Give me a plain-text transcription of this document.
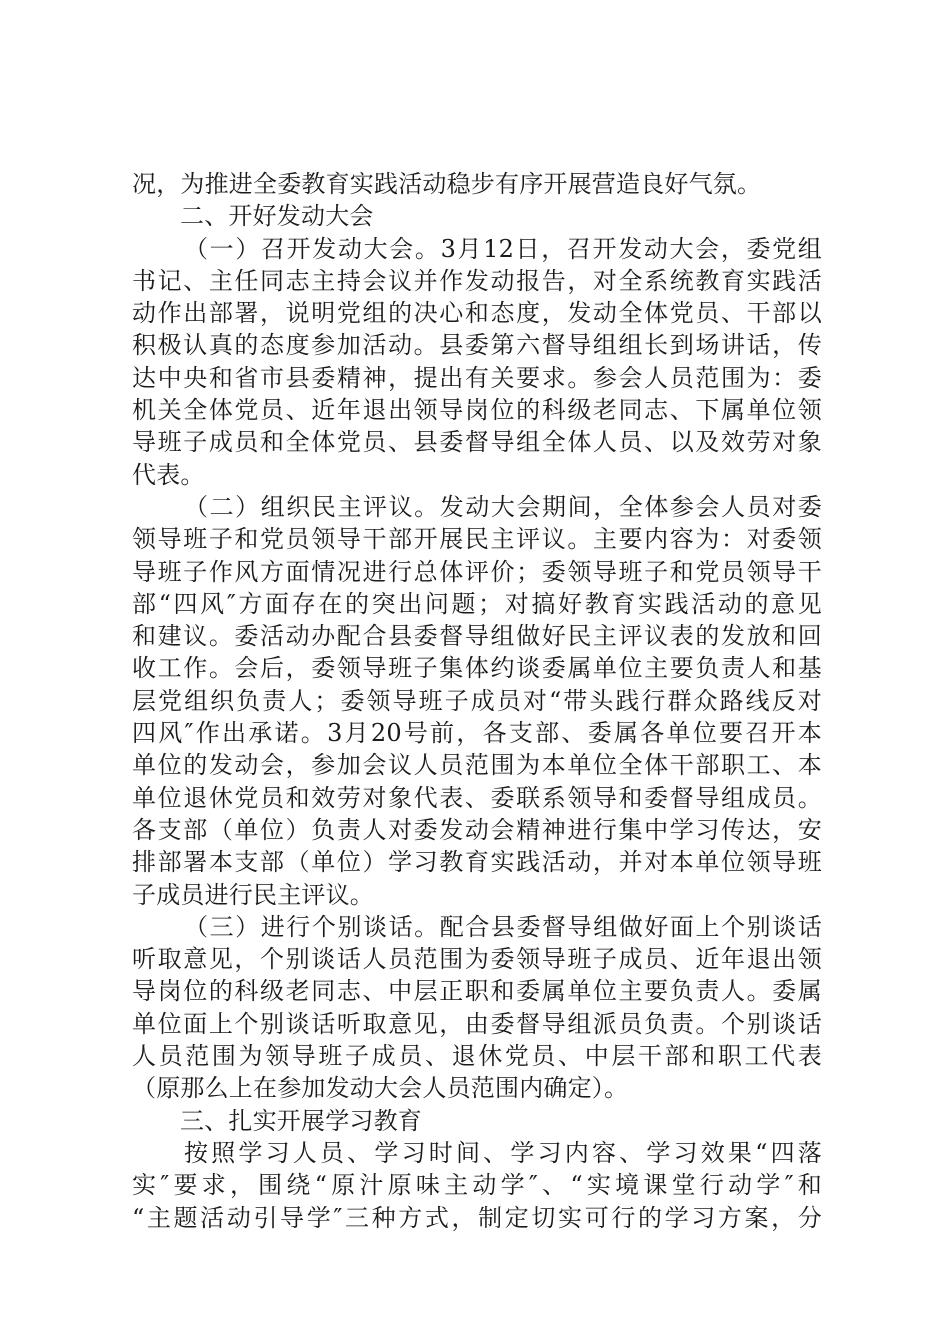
况，为推进全委教育实践活动稳步有序开展营造良好气氛。
二、开好发动大会
（一）召开发动大会。3月12日，召开发动大会，委党组
书记、主任同志主持会议并作发动报告，对全系统教育实践活
动作出部署，说明党组的决心和态度，发动全体党员、干部以
积极认真的态度参加活动。县委第六督导组组长到场讲话，传
达中央和省市县委精神，提出有关要求。参会人员范围为：委
机关全体党员、近年退出领导岗位的科级老同志、下属单位领
导班子成员和全体党员、县委督导组全体人员、以及效劳对象
代表。
（二）组织民主评议。发动大会期间，全体参会人员对委
领导班子和党员领导干部开展民主评议。主要内容为：对委领
导班子作风方面情况进行总体评价；委领导班子和党员领导干
部“四风″方面存在的突出问题；对搞好教育实践活动的意见
和建议。委活动办配合县委督导组做好民主评议表的发放和回
收工作。会后，委领导班子集体约谈委属单位主要负责人和基
层党组织负责人；委领导班子成员对“带头践行群众路线反对
四风″作出承诺。3月20号前，各支部、委属各单位要召开本
单位的发动会，参加会议人员范围为本单位全体干部职工、本
单位退休党员和效劳对象代表、委联系领导和委督导组成员。
各支部（单位）负责人对委发动会精神进行集中学习传达，安
排部署本支部（单位）学习教育实践活动，并对本单位领导班
子成员进行民主评议。
（三）进行个别谈话。配合县委督导组做好面上个别谈话
听取意见，个别谈话人员范围为委领导班子成员、近年退出领
导岗位的科级老同志、中层正职和委属单位主要负责人。委属
单位面上个别谈话听取意见，由委督导组派员负责。个别谈话
人员范围为领导班子成员、退休党员、中层干部和职工代表
（原那么上在参加发动大会人员范围内确定）。
三、扎实开展学习教育
按照学习人员、学习时间、学习内容、学习效果“四落
实″要求，围绕“原汁原味主动学″、“实境课堂行动学″和
“主题活动引导学″三种方式，制定切实可行的学习方案，分
